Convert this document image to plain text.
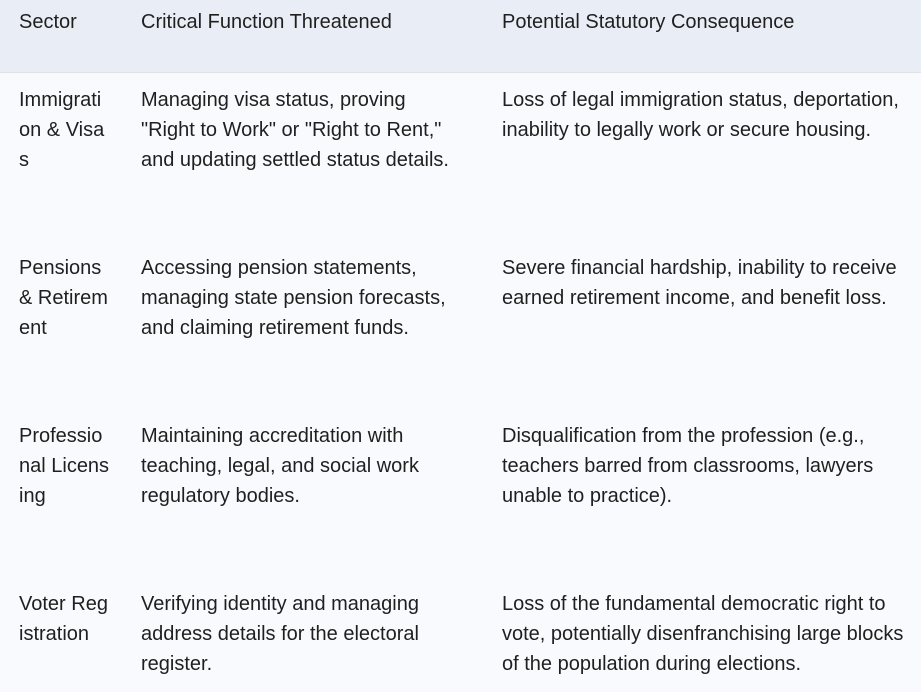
Sector	Critical Function Threatened	Potential Statutory Consequence
Immigration & Visas
Managing visa status, proving "Right to Work" or "Right to Rent," and updating settled status details.
Loss of legal immigration status, deportation, inability to legally work or secure housing.
Pensions & Retirement
Accessing pension statements, managing state pension forecasts, and claiming retirement funds.
Severe financial hardship, inability to receive earned retirement income, and benefit loss.
Professional Licensing
Maintaining accreditation with teaching, legal, and social work regulatory bodies.
Disqualification from the profession (e.g., teachers barred from classrooms, lawyers unable to practice).
Voter Registration
Verifying identity and managing address details for the electoral register.
Loss of the fundamental democratic right to vote, potentially disenfranchising large blocks of the population during elections.
